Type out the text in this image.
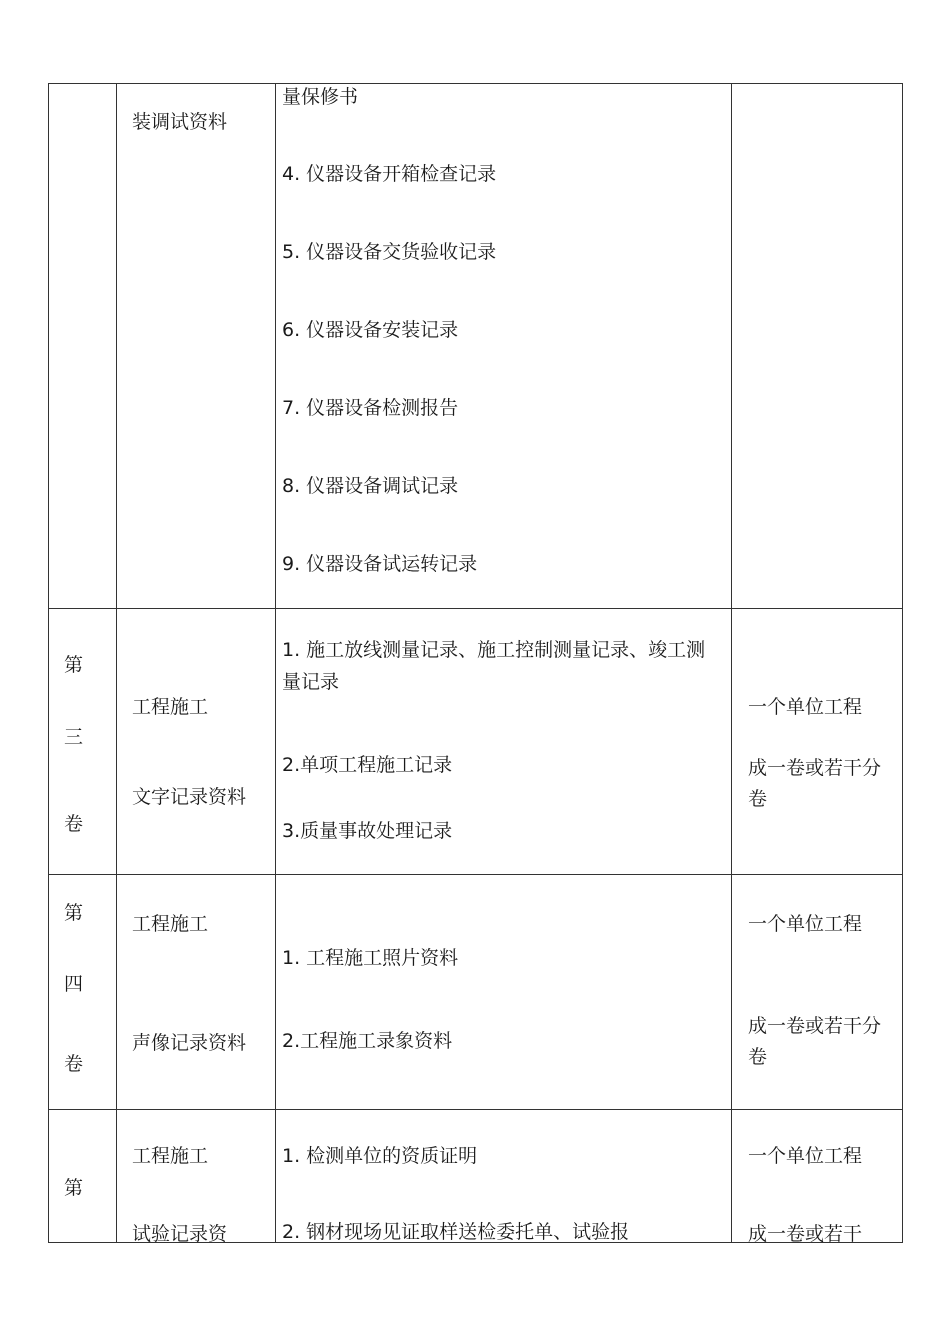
装调试资料
量保修书
4. 仪器设备开箱检查记录
5. 仪器设备交货验收记录
6. 仪器设备安装记录
7. 仪器设备检测报告
8. 仪器设备调试记录
9. 仪器设备试运转记录
第
三
卷
工程施工
文字记录资料
1. 施工放线测量记录、施工控制测量记录、竣工测量记录
2.单项工程施工记录
3.质量事故处理记录
一个单位工程
成一卷或若干分卷
第
四
卷
工程施工
声像记录资料
1. 工程施工照片资料
2.工程施工录象资料
一个单位工程
成一卷或若干分卷
第
工程施工
试验记录资
1. 检测单位的资质证明
2. 钢材现场见证取样送检委托单、试验报
一个单位工程
成一卷或若干
